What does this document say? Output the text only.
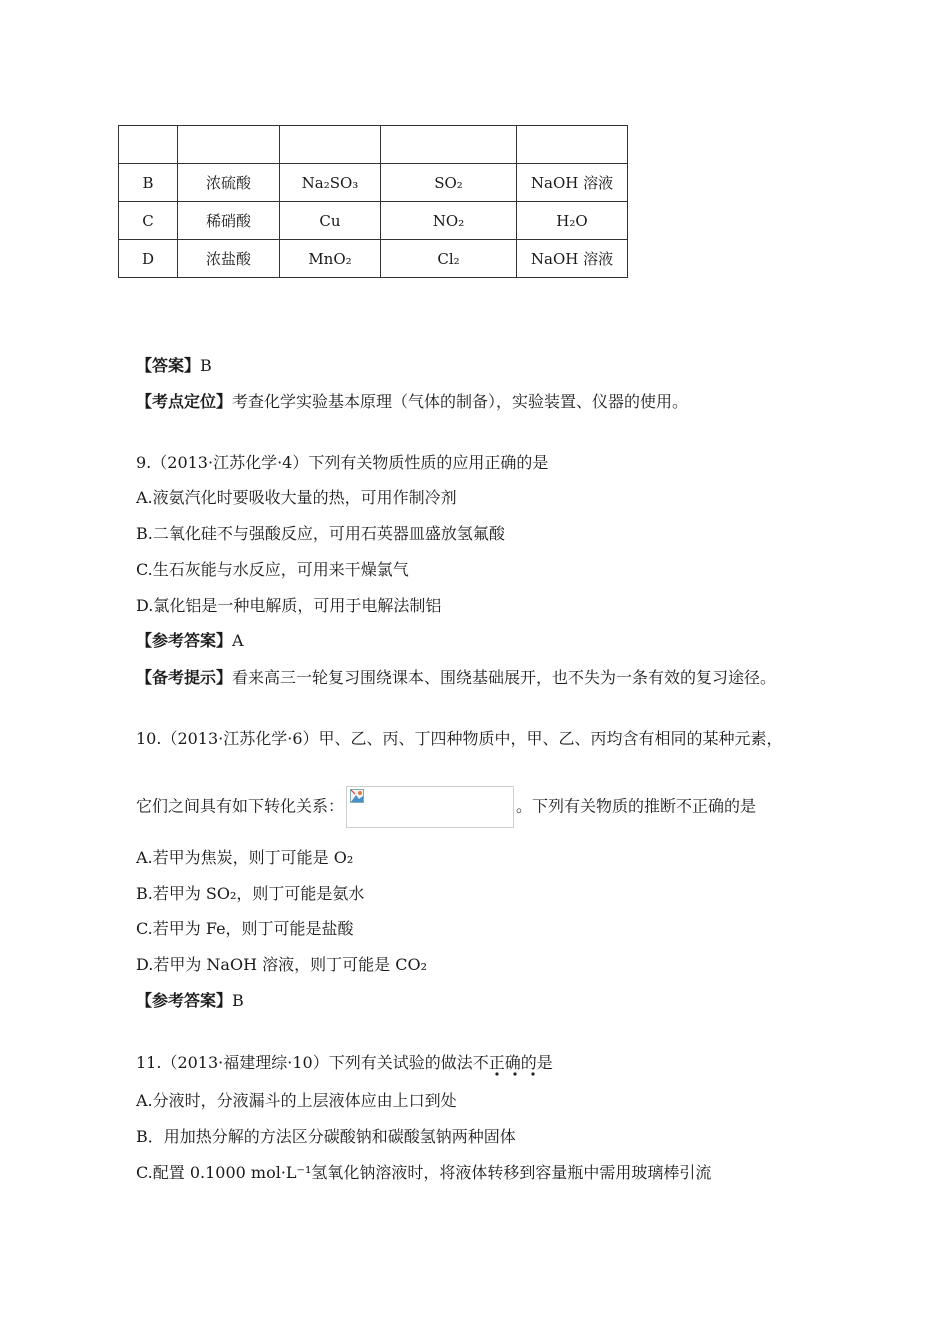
B	浓硫酸	Na₂SO₃	SO₂	NaOH 溶液
C	稀硝酸	Cu	NO₂	H₂O
D	浓盐酸	MnO₂	Cl₂	NaOH 溶液
【答案】B
【考点定位】考查化学实验基本原理（气体的制备），实验装置、仪器的使用。
9.（2013·江苏化学·4）下列有关物质性质的应用正确的是
A.液氨汽化时要吸收大量的热，可用作制冷剂
B.二氧化硅不与强酸反应，可用石英器皿盛放氢氟酸
C.生石灰能与水反应，可用来干燥氯气
D.氯化铝是一种电解质，可用于电解法制铝
【参考答案】A
【备考提示】看来高三一轮复习围绕课本、围绕基础展开，也不失为一条有效的复习途径。
10.（2013·江苏化学·6）甲、乙、丙、丁四种物质中，甲、乙、丙均含有相同的某种元素，
它们之间具有如下转化关系：	。下列有关物质的推断不正确的是
A.若甲为焦炭，则丁可能是 O₂
B.若甲为 SO₂，则丁可能是氨水
C.若甲为 Fe，则丁可能是盐酸
D.若甲为 NaOH 溶液，则丁可能是 CO₂
【参考答案】B
11.（2013·福建理综·10）下列有关试验的做法不正确的是
A.分液时，分液漏斗的上层液体应由上口到处
B．用加热分解的方法区分碳酸钠和碳酸氢钠两种固体
C.配置 0.1000 mol·L⁻¹氢氧化钠溶液时，将液体转移到容量瓶中需用玻璃棒引流
